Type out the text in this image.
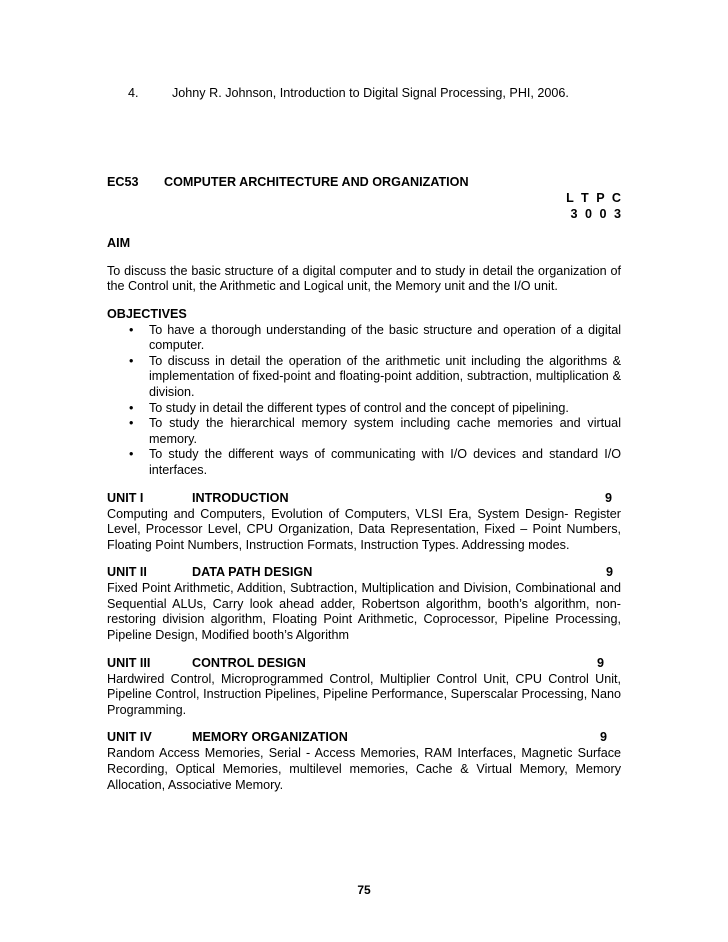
4.	Johny R. Johnson, Introduction to Digital Signal Processing, PHI, 2006.
EC53 COMPUTER ARCHITECTURE AND ORGANIZATION
L T P C
3 0 0 3
AIM
To discuss the basic structure of a digital computer and to study in detail the organization of the Control unit, the Arithmetic and Logical unit, the Memory unit and the I/O unit.
OBJECTIVES
• To have a thorough understanding of the basic structure and operation of a digital computer.
• To discuss in detail the operation of the arithmetic unit including the algorithms & implementation of fixed-point and floating-point addition, subtraction, multiplication & division.
• To study in detail the different types of control and the concept of pipelining.
• To study the hierarchical memory system including cache memories and virtual memory.
• To study the different ways of communicating with I/O devices and standard I/O interfaces.
UNIT I	INTRODUCTION	9
Computing and Computers, Evolution of Computers, VLSI Era, System Design- Register Level, Processor Level, CPU Organization, Data Representation, Fixed – Point Numbers, Floating Point Numbers, Instruction Formats, Instruction Types. Addressing modes.
UNIT II	DATA PATH DESIGN	9
Fixed Point Arithmetic, Addition, Subtraction, Multiplication and Division, Combinational and Sequential ALUs, Carry look ahead adder, Robertson algorithm, booth’s algorithm, non-restoring division algorithm, Floating Point Arithmetic, Coprocessor, Pipeline Processing, Pipeline Design, Modified booth’s Algorithm
UNIT III	CONTROL DESIGN	9
Hardwired Control, Microprogrammed Control, Multiplier Control Unit, CPU Control Unit, Pipeline Control, Instruction Pipelines, Pipeline Performance, Superscalar Processing, Nano Programming.
UNIT IV	MEMORY ORGANIZATION	9
Random Access Memories, Serial - Access Memories, RAM Interfaces, Magnetic Surface Recording, Optical Memories, multilevel memories, Cache & Virtual Memory, Memory Allocation, Associative Memory.
75
